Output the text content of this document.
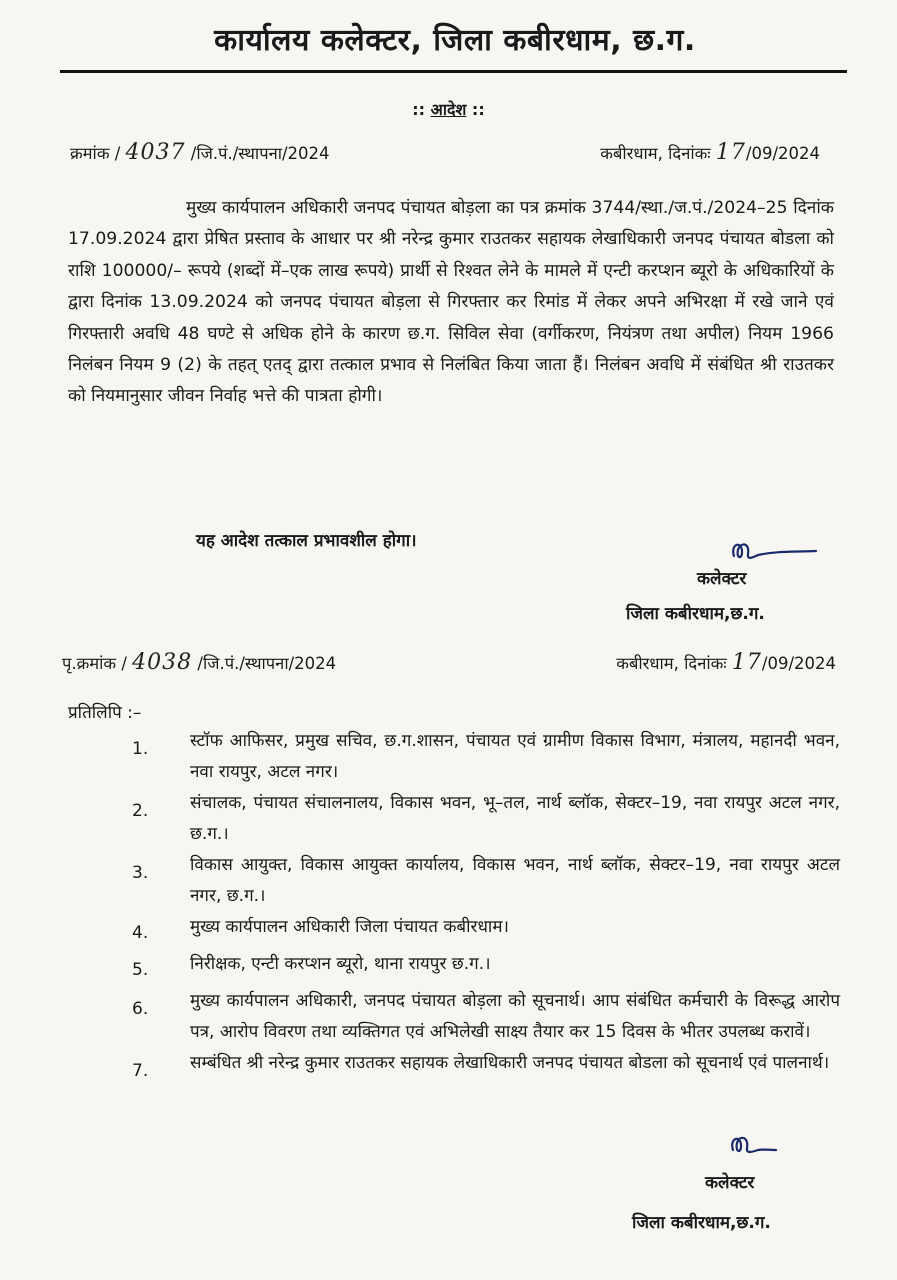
कार्यालय कलेक्टर, जिला कबीरधाम, छ.ग.
:: आदेश ::
क्रमांक / 4037 /जि.पं./स्थापना/2024	कबीरधाम, दिनांकः 17/09/2024
मुख्य कार्यपालन अधिकारी जनपद पंचायत बोड़ला का पत्र क्रमांक 3744/स्था./ज.पं./2024–25 दिनांक 17.09.2024 द्वारा प्रेषित प्रस्ताव के आधार पर श्री नरेन्द्र कुमार राउतकर सहायक लेखाधिकारी जनपद पंचायत बोडला को राशि 100000/– रूपये (शब्दों में–एक लाख रूपये) प्रार्थी से रिश्वत लेने के मामले में एन्टी करप्शन ब्यूरो के अधिकारियों के द्वारा दिनांक 13.09.2024 को जनपद पंचायत बोड़ला से गिरफ्तार कर रिमांड में लेकर अपने अभिरक्षा में रखे जाने एवं गिरफ्तारी अवधि 48 घण्टे से अधिक होने के कारण छ.ग. सिविल सेवा (वर्गीकरण, नियंत्रण तथा अपील) नियम 1966 निलंबन नियम 9 (2) के तहत् एतद् द्वारा तत्काल प्रभाव से निलंबित किया जाता हैं। निलंबन अवधि में संबंधित श्री राउतकर को नियमानुसार जीवन निर्वाह भत्ते की पात्रता होगी।
यह आदेश तत्काल प्रभावशील होगा।
कलेक्टर
जिला कबीरधाम,छ.ग.
पृ.क्रमांक / 4038 /जि.पं./स्थापना/2024	कबीरधाम, दिनांकः 17/09/2024
प्रतिलिपि :–
1.	स्टॉफ आफिसर, प्रमुख सचिव, छ.ग.शासन, पंचायत एवं ग्रामीण विकास विभाग, मंत्रालय, महानदी भवन, नवा रायपुर, अटल नगर।
2.	संचालक, पंचायत संचालनालय, विकास भवन, भू–तल, नार्थ ब्लॉक, सेक्टर–19, नवा रायपुर अटल नगर, छ.ग.।
3.	विकास आयुक्त, विकास आयुक्त कार्यालय, विकास भवन, नार्थ ब्लॉक, सेक्टर–19, नवा रायपुर अटल नगर, छ.ग.।
4.	मुख्य कार्यपालन अधिकारी जिला पंचायत कबीरधाम।
5.	निरीक्षक, एन्टी करप्शन ब्यूरो, थाना रायपुर छ.ग.।
6.	मुख्य कार्यपालन अधिकारी, जनपद पंचायत बोड़ला को सूचनार्थ। आप संबंधित कर्मचारी के विरूद्ध आरोप पत्र, आरोप विवरण तथा व्यक्तिगत एवं अभिलेखी साक्ष्य तैयार कर 15 दिवस के भीतर उपलब्ध करावें।
7.	सम्बंधित श्री नरेन्द्र कुमार राउतकर सहायक लेखाधिकारी जनपद पंचायत बोडला को सूचनार्थ एवं पालनार्थ।
कलेक्टर
जिला कबीरधाम,छ.ग.
